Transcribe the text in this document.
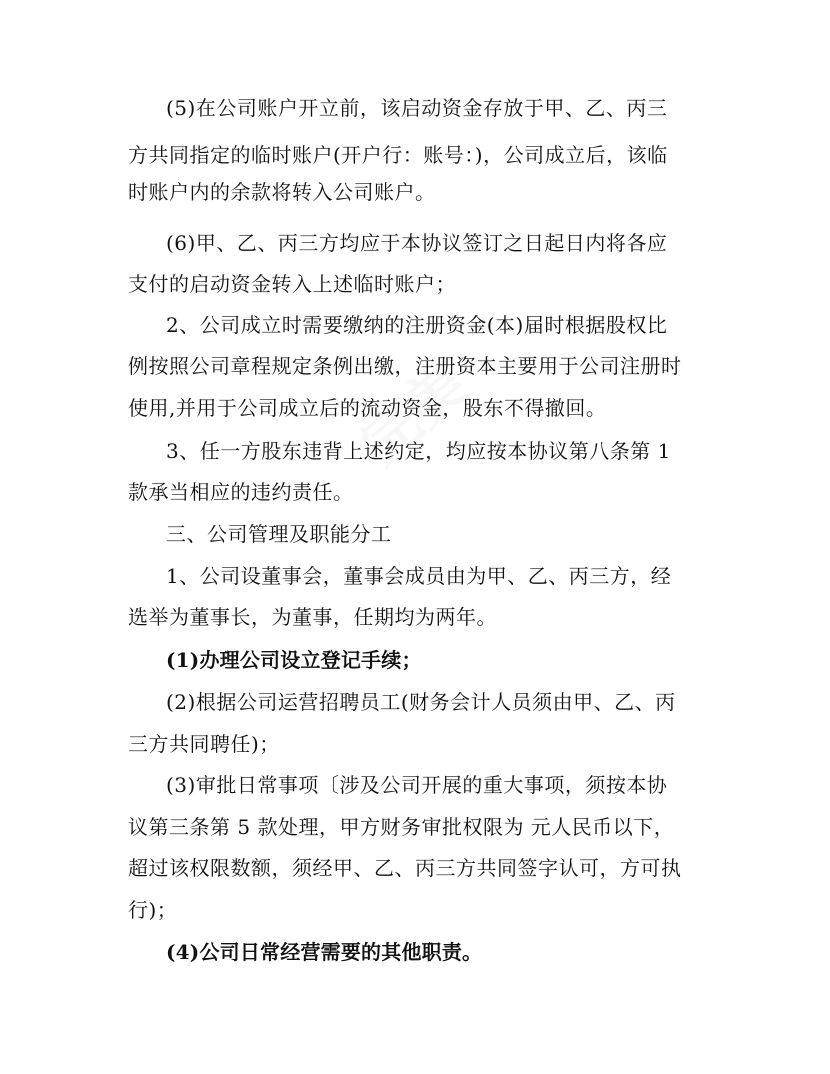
完美
(5)在公司账户开立前，该启动资金存放于甲、乙、丙三
方共同指定的临时账户(开户行：账号：)，公司成立后，该临
时账户内的余款将转入公司账户。
(6)甲、乙、丙三方均应于本协议签订之日起日内将各应
支付的启动资金转入上述临时账户；
2、公司成立时需要缴纳的注册资金(本)届时根据股权比
例按照公司章程规定条例出缴，注册资本主要用于公司注册时
使用,并用于公司成立后的流动资金，股东不得撤回。
3、任一方股东违背上述约定，均应按本协议第八条第 1
款承当相应的违约责任。
三、公司管理及职能分工
1、公司设董事会，董事会成员由为甲、乙、丙三方，经
选举为董事长，为董事，任期均为两年。
(1)办理公司设立登记手续；
(2)根据公司运营招聘员工(财务会计人员须由甲、乙、丙
三方共同聘任)；
(3)审批日常事项〔涉及公司开展的重大事项，须按本协
议第三条第 5 款处理，甲方财务审批权限为 元人民币以下，
超过该权限数额，须经甲、乙、丙三方共同签字认可，方可执
行)；
(4)公司日常经营需要的其他职责。
